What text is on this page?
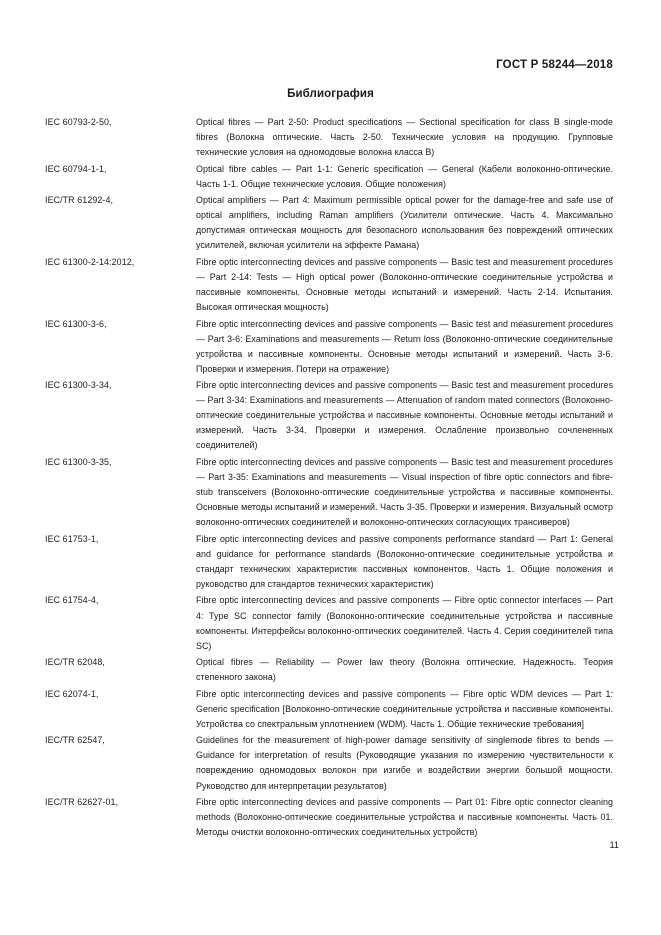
ГОСТ Р 58244—2018
Библиография
IEC 60793-2-50,	Optical fibres — Part 2-50: Product specifications — Sectional specification for class B single-mode fibres (Волокна оптические. Часть 2-50. Технические условия на продукцию. Групповые технические условия на одномодовые волокна класса В)
IEC 60794-1-1,	Optical fibre cables — Part 1-1: Generic specification — General (Кабели волоконно-оптические. Часть 1-1. Общие технические условия. Общие положения)
IEC/TR 61292-4,	Optical amplifiers — Part 4: Maximum permissible optical power for the damage-free and safe use of optical amplifiers, including Raman amplifiers (Усилители оптические. Часть 4. Максимально допустимая оптическая мощность для безопасного использования без повреждений оптических усилителей, включая усилители на эффекте Рамана)
IEC 61300-2-14:2012,	Fibre optic interconnecting devices and passive components — Basic test and measurement procedures — Part 2-14: Tests — High optical power (Волоконно-оптические соединительные устройства и пассивные компоненты. Основные методы испытаний и измерений. Часть 2-14. Испытания. Высокая оптическая мощность)
IEC 61300-3-6,	Fibre optic interconnecting devices and passive components — Basic test and measurement procedures — Part 3-6: Examinations and measurements — Return loss (Волоконно-оптические соединительные устройства и пассивные компоненты. Основные методы испытаний и измерений. Часть 3-6. Проверки и измерения. Потери на отражение)
IEC 61300-3-34,	Fibre optic interconnecting devices and passive components — Basic test and measurement procedures — Part 3-34: Examinations and measurements — Attenuation of random mated connectors (Волоконно-оптические соединительные устройства и пассивные компоненты. Основные методы испытаний и измерений. Часть 3-34. Проверки и измерения. Ослабление произвольно сочлененных соединителей)
IEC 61300-3-35,	Fibre optic interconnecting devices and passive components — Basic test and measurement procedures — Part 3-35: Examinations and measurements — Visual inspection of fibre optic connectors and fibre-stub transceivers (Волоконно-оптические соединительные устройства и пассивные компоненты. Основные методы испытаний и измерений. Часть 3-35. Проверки и измерения. Визуальный осмотр волоконно-оптических соединителей и волоконно-оптических согласующих трансиверов)
IEC 61753-1,	Fibre optic interconnecting devices and passive components performance standard — Part 1: General and guidance for performance standards (Волоконно-оптические соединительные устройства и стандарт технических характеристик пассивных компонентов. Часть 1. Общие положения и руководство для стандартов технических характеристик)
IEC 61754-4,	Fibre optic interconnecting devices and passive components — Fibre optic connector interfaces — Part 4: Type SC connector family (Волоконно-оптические соединительные устройства и пассивные компоненты. Интерфейсы волоконно-оптических соединителей. Часть 4. Серия соединителей типа SC)
IEC/TR 62048,	Optical fibres — Reliability — Power law theory (Волокна оптические. Надежность. Теория степенного закона)
IEC 62074-1,	Fibre optic interconnecting devices and passive components — Fibre optic WDM devices — Part 1: Generic specification [Волоконно-оптические соединительные устройства и пассивные компоненты. Устройства со спектральным уплотнением (WDM). Часть 1. Общие технические требования]
IEC/TR 62547,	Guidelines for the measurement of high-power damage sensitivity of singlemode fibres to bends — Guidance for interpretation of results (Руководящие указания по измерению чувствительности к повреждению одномодовых волокон при изгибе и воздействии энергии большой мощности. Руководство для интерпретации результатов)
IEC/TR 62627-01,	Fibre optic interconnecting devices and passive components — Part 01: Fibre optic connector cleaning methods (Волоконно-оптические соединительные устройства и пассивные компоненты. Часть 01. Методы очистки волоконно-оптических соединительных устройств)
11
